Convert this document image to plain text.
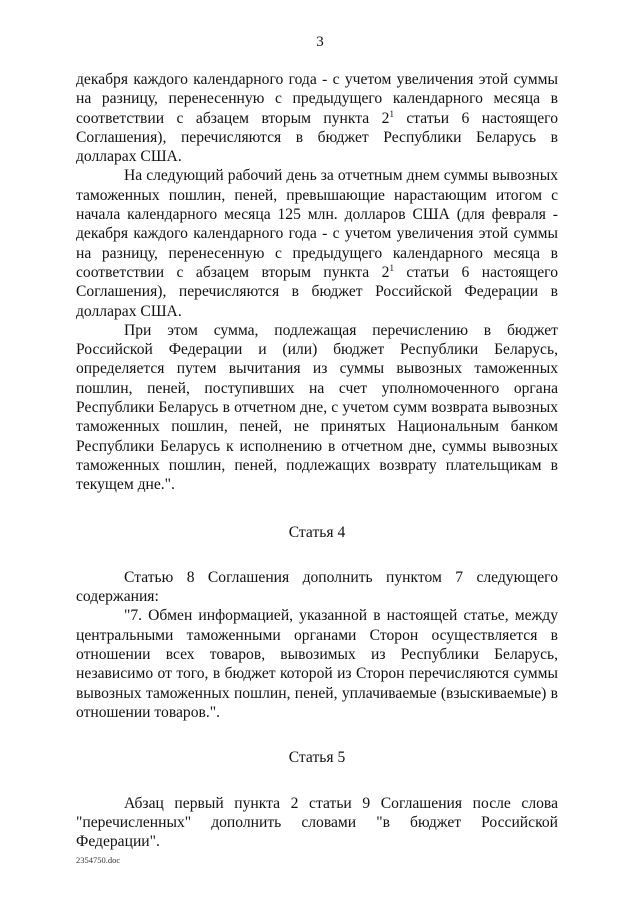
3

декабря каждого календарного года - с учетом увеличения этой суммы на разницу, перенесенную с предыдущего календарного месяца в соответствии с абзацем вторым пункта $2^1$ статьи 6 настоящего Соглашения), перечисляются в бюджет Республики Беларусь в долларах США.

На следующий рабочий день за отчетным днем суммы вывозных таможенных пошлин, пеней, превышающие нарастающим итогом с начала календарного месяца 125 млн. долларов США (для февраля - декабря каждого календарного года - с учетом увеличения этой суммы на разницу, перенесенную с предыдущего календарного месяца в соответствии с абзацем вторым пункта $2^1$ статьи 6 настоящего Соглашения), перечисляются в бюджет Российской Федерации в долларах США.

При этом сумма, подлежащая перечислению в бюджет Российской Федерации и (или) бюджет Республики Беларусь, определяется путем вычитания из суммы вывозных таможенных пошлин, пеней, поступивших на счет уполномоченного органа Республики Беларусь в отчетном дне, с учетом сумм возврата вывозных таможенных пошлин, пеней, не принятых Национальным банком Республики Беларусь к исполнению в отчетном дне, суммы вывозных таможенных пошлин, пеней, подлежащих возврату плательщикам в текущем дне.".

Статья 4

Статью 8 Соглашения дополнить пунктом 7 следующего содержания:

"7. Обмен информацией, указанной в настоящей статье, между центральными таможенными органами Сторон осуществляется в отношении всех товаров, вывозимых из Республики Беларусь, независимо от того, в бюджет которой из Сторон перечисляются суммы вывозных таможенных пошлин, пеней, уплачиваемые (взыскиваемые) в отношении товаров.".

Статья 5

Абзац первый пункта 2 статьи 9 Соглашения после слова "перечисленных" дополнить словами "в бюджет Российской Федерации".

2354750.doc
